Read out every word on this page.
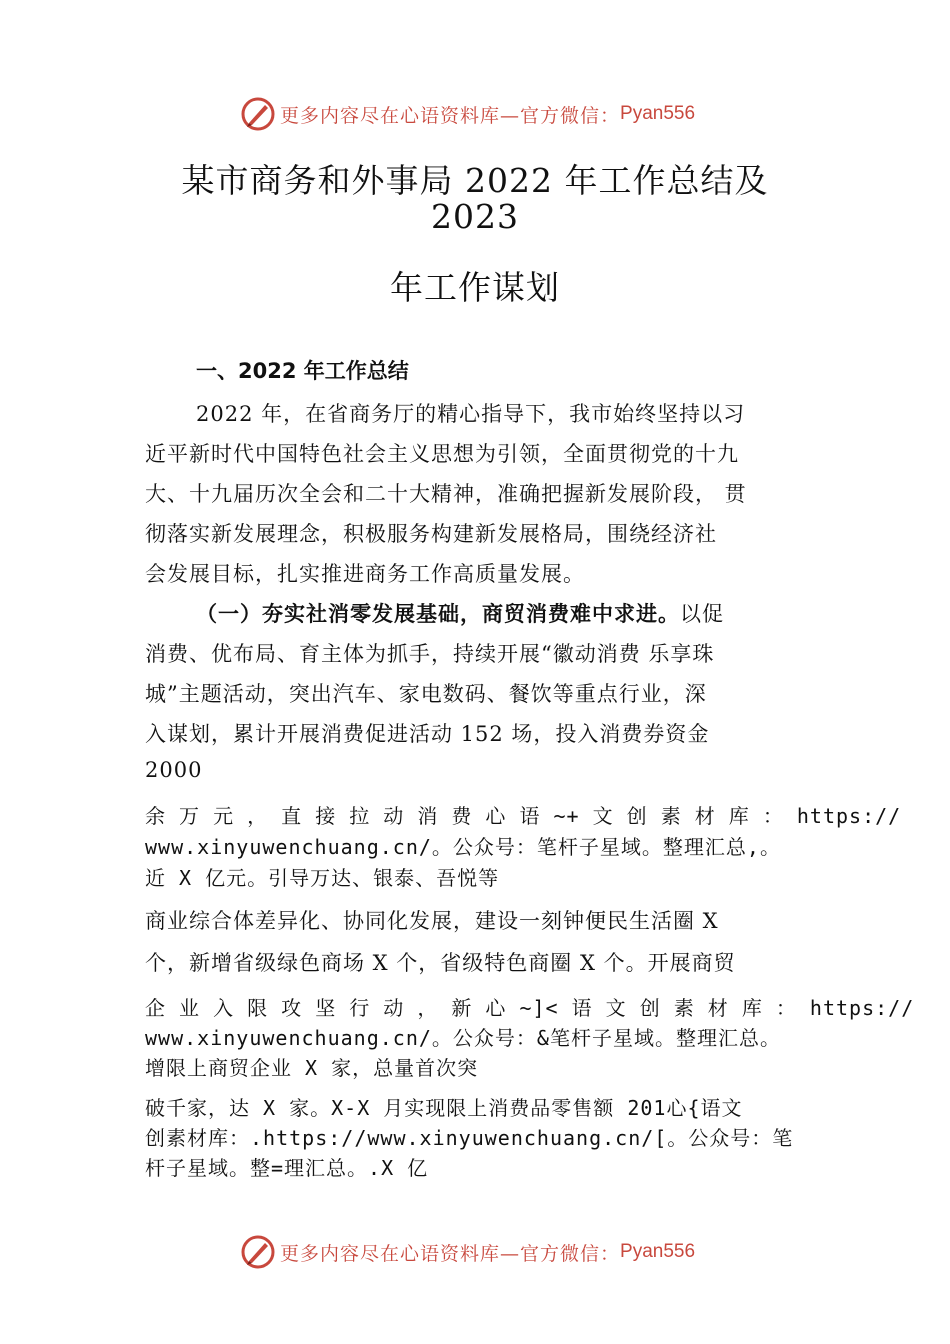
更多内容尽在心语资料库—官方微信： Pyan556
某市商务和外事局 2022 年工作总结及
2023
年工作谋划
一、2022 年工作总结
2022 年，在省商务厅的精心指导下，我市始终坚持以习
近平新时代中国特色社会主义思想为引领，全面贯彻党的十九
大、十九届历次全会和二十大精神，准确把握新发展阶段， 贯
彻落实新发展理念，积极服务构建新发展格局，围绕经济社
会发展目标，扎实推进商务工作高质量发展。
（一）夯实社消零发展基础，商贸消费难中求进。以促
消费、优布局、育主体为抓手，持续开展“徽动消费 乐享珠
城”主题活动，突出汽车、家电数码、餐饮等重点行业，深
入谋划，累计开展消费促进活动 152 场，投入消费券资金
2000
余 万 元 ， 直 接 拉 动 消 费 心 语 ~+ 文 创 素 材 库 ： https://
www.xinyuwenchuang.cn/。公众号：笔杆子星域。整理汇总,。
近 X 亿元。引导万达、银泰、吾悦等
商业综合体差异化、协同化发展，建设一刻钟便民生活圈 X
个，新增省级绿色商场 X 个，省级特色商圈 X 个。开展商贸
企 业 入 限 攻 坚 行 动 ， 新 心 ~]< 语 文 创 素 材 库 ： https://
www.xinyuwenchuang.cn/。公众号：&笔杆子星域。整理汇总。
增限上商贸企业 X 家，总量首次突
破千家，达 X 家。X-X 月实现限上消费品零售额 201心{语文
创素材库：.https://www.xinyuwenchuang.cn/[。公众号：笔
杆子星域。整=理汇总。.X 亿
更多内容尽在心语资料库—官方微信： Pyan556
